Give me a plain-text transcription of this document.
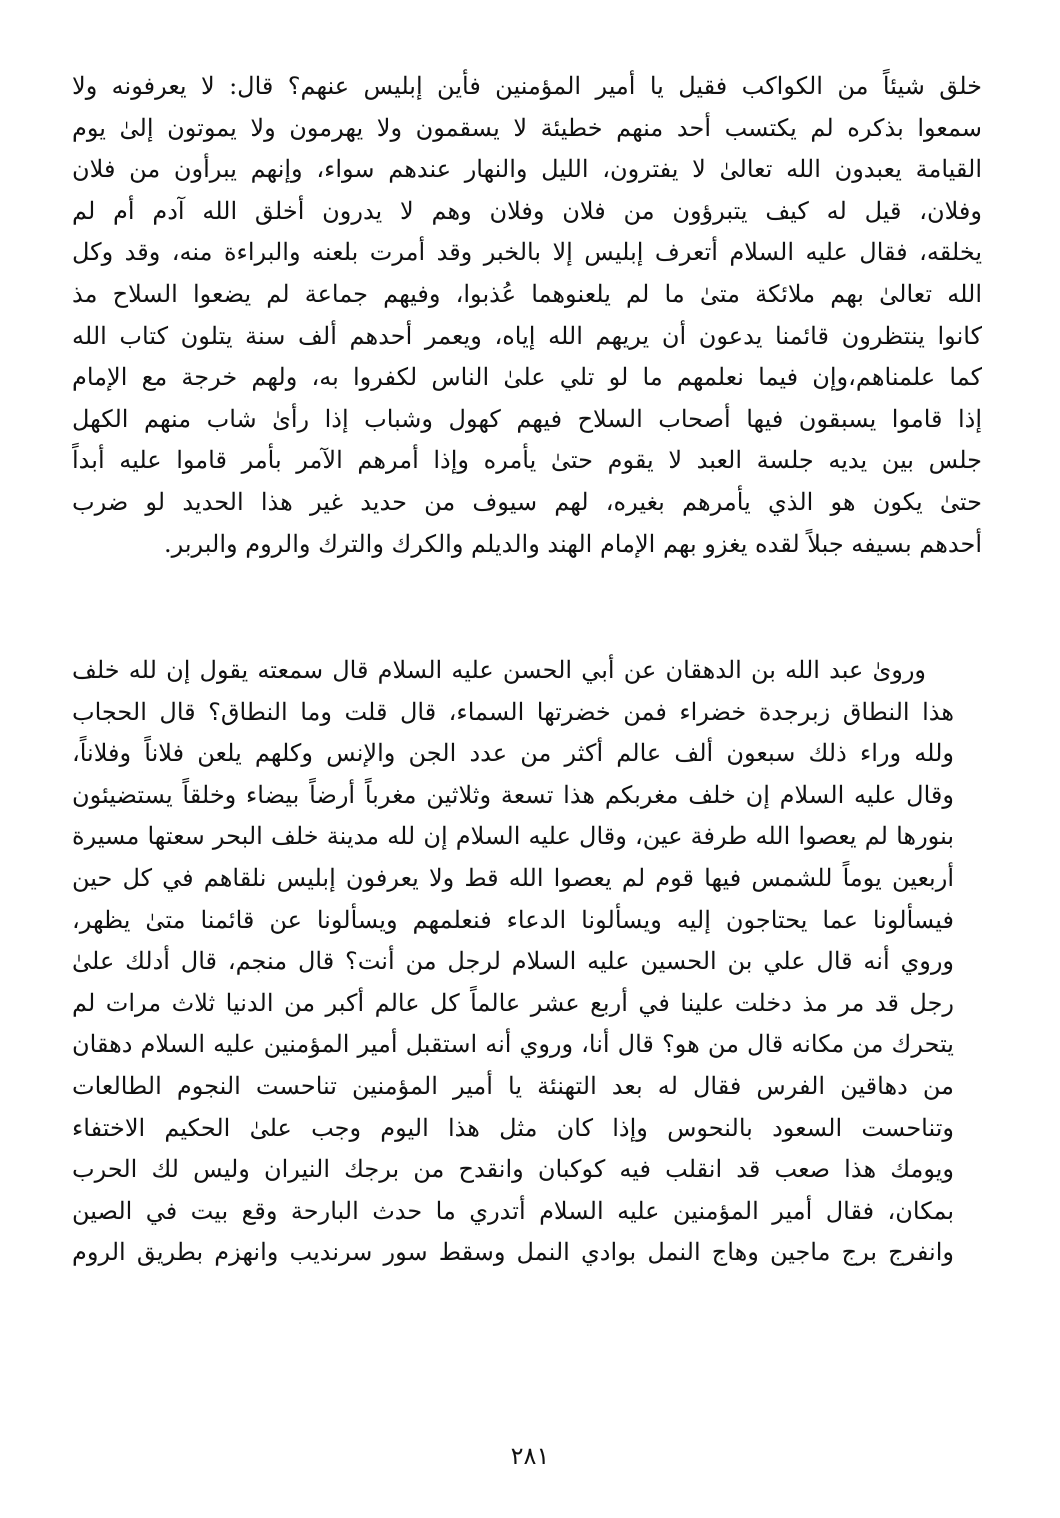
خلق شيئاً من الكواكب فقيل يا أمير المؤمنين فأين إبليس عنهم؟ قال: لا يعرفونه ولا
سمعوا بذكره لم يكتسب أحد منهم خطيئة لا يسقمون ولا يهرمون ولا يموتون إلىٰ يوم
القيامة يعبدون الله تعالىٰ لا يفترون، الليل والنهار عندهم سواء، وإنهم يبرأون من فلان
وفلان، قيل له كيف يتبرؤون من فلان وفلان وهم لا يدرون أخلق الله آدم أم لم
يخلقه، فقال عليه السلام أتعرف إبليس إلا بالخبر وقد أمرت بلعنه والبراءة منه، وقد وكل
الله تعالىٰ بهم ملائكة متىٰ ما لم يلعنوهما عُذبوا، وفيهم جماعة لم يضعوا السلاح مذ
كانوا ينتظرون قائمنا يدعون أن يريهم الله إياه، ويعمر أحدهم ألف سنة يتلون كتاب الله
كما علمناهم،وإن فيما نعلمهم ما لو تلي علىٰ الناس لكفروا به، ولهم خرجة مع الإمام
إذا قاموا يسبقون فيها أصحاب السلاح فيهم كهول وشباب إذا رأىٰ شاب منهم الكهل
جلس بين يديه جلسة العبد لا يقوم حتىٰ يأمره وإذا أمرهم الآمر بأمر قاموا عليه أبداً
حتىٰ يكون هو الذي يأمرهم بغيره، لهم سيوف من حديد غير هذا الحديد لو ضرب
أحدهم بسيفه جبلاً لقده يغزو بهم الإمام الهند والديلم والكرك والترك والروم والبربر.
ورویٰ عبد الله بن الدهقان عن أبي الحسن عليه السلام قال سمعته يقول إن لله خلف
هذا النطاق زبرجدة خضراء فمن خضرتها السماء، قال قلت وما النطاق؟ قال الحجاب
ولله وراء ذلك سبعون ألف عالم أكثر من عدد الجن والإنس وكلهم يلعن فلاناً وفلاناً،
وقال عليه السلام إن خلف مغربكم هذا تسعة وثلاثين مغرباً أرضاً بيضاء وخلقاً يستضيئون
بنورها لم يعصوا الله طرفة عين، وقال عليه السلام إن لله مدينة خلف البحر سعتها مسيرة
أربعين يوماً للشمس فيها قوم لم يعصوا الله قط ولا يعرفون إبليس نلقاهم في كل حين
فيسألونا عما يحتاجون إليه ويسألونا الدعاء فنعلمهم ويسألونا عن قائمنا متىٰ يظهر،
وروي أنه قال علي بن الحسين عليه السلام لرجل من أنت؟ قال منجم، قال أدلك علىٰ
رجل قد مر مذ دخلت علينا في أربع عشر عالماً كل عالم أكبر من الدنيا ثلاث مرات لم
يتحرك من مكانه قال من هو؟ قال أنا، وروي أنه استقبل أمير المؤمنين عليه السلام دهقان
من دهاقين الفرس فقال له بعد التهنئة يا أمير المؤمنين تناحست النجوم الطالعات
وتناحست السعود بالنحوس وإذا كان مثل هذا اليوم وجب علىٰ الحكيم الاختفاء
ويومك هذا صعب قد انقلب فيه كوكبان وانقدح من برجك النيران وليس لك الحرب
بمكان، فقال أمير المؤمنين عليه السلام أتدري ما حدث البارحة وقع بيت في الصين
وانفرج برج ماجين وهاج النمل بوادي النمل وسقط سور سرنديب وانهزم بطريق الروم
٢٨١
